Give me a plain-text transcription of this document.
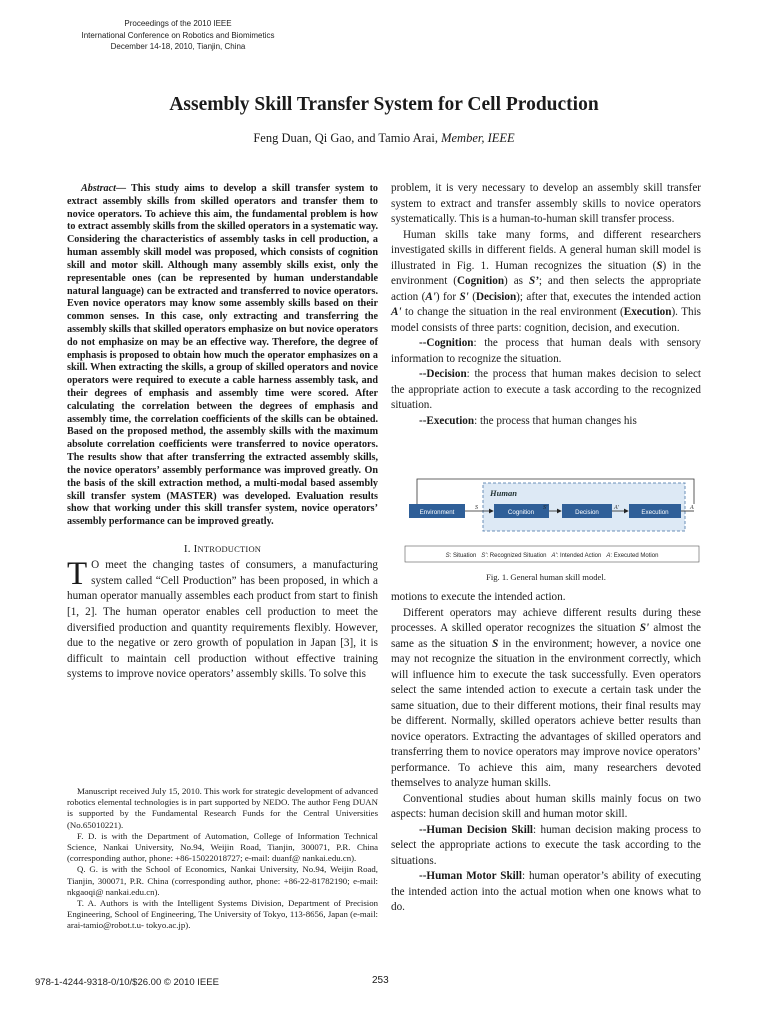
Proceedings of the 2010 IEEE
International Conference on Robotics and Biomimetics
December 14-18, 2010, Tianjin, China
Assembly Skill Transfer System for Cell Production
Feng Duan, Qi Gao, and Tamio Arai, Member, IEEE

Abstract— This study aims to develop a skill transfer system to extract assembly skills from skilled operators and transfer them to novice operators. To achieve this aim, the fundamental problem is how to extract assembly skills from the skilled operators in a systematic way. Considering the characteristics of assembly tasks in cell production, a human assembly skill model was proposed, which consists of cognition skill and motor skill. Although many assembly skills exist, only the representable ones (can be represented by human understandable natural language) can be extracted and transferred to novice operators. Even novice operators may know some assembly skills based on their common senses. In this case, only extracting and transferring the assembly skills that skilled operators emphasize on but novice operators do not emphasize on may be an effective way. Therefore, the degree of emphasis is proposed to obtain how much the operator emphasizes on a skill. When extracting the skills, a group of skilled operators and novice operators were required to execute a cable harness assembly task, and their degrees of emphasis and assembly time were scored. After calculating the correlation between the degrees of emphasis and assembly time, the correlation coefficients of the skills can be obtained. Based on the proposed method, the assembly skills with the maximum absolute correlation coefficients were transferred to novice operators. The results show that after transferring the extracted assembly skills, the novice operators’ assembly performance was improved greatly. On the basis of the skill extraction method, a multi-modal based assembly skill transfer system (MASTER) was developed. Evaluation results show that working under this skill transfer system, novice operators’ assembly performance can be improved greatly.

I. INTRODUCTION

T O meet the changing tastes of consumers, a manufacturing system called “Cell Production” has been proposed, in which a human operator manually assembles each product from start to finish [1, 2]. The human operator enables cell production to meet the diversified production and quantity requirements flexibly. However, due to the negative or zero growth of population in Japan [3], it is difficult to maintain cell production without effective training systems to improve novice operators’ assembly skills. To solve this

Manuscript received July 15, 2010. This work for strategic development of advanced robotics elemental technologies is in part supported by NEDO. The author Feng DUAN is supported by the Fundamental Research Funds for the Central Universities (No.65010221).

F. D. is with the Department of Automation, College of Information Technical Science, Nankai University, No.94, Weijin Road, Tianjin, 300071, P.R. China (corresponding author, phone: +86-15022018727; e-mail: duanf@ nankai.edu.cn).

Q. G. is with the School of Economics, Nankai University, No.94, Weijin Road, Tianjin, 300071, P.R. China (corresponding author, phone: +86-22-81782190; e-mail: nkgaoqi@ nankai.edu.cn).

T. A. Authors is with the Intelligent Systems Division, Department of Precision Engineering, School of Engineering, The University of Tokyo, 113-8656, Japan (e-mail: arai-tamio@robot.t.u- tokyo.ac.jp).

problem, it is very necessary to develop an assembly skill transfer system to extract and transfer assembly skills to novice operators systematically. This is a human-to-human skill transfer process.

Human skills take many forms, and different researchers investigated skills in different fields. A general human skill model is illustrated in Fig. 1. Human recognizes the situation (S) in the environment (Cognition) as S’; and then selects the appropriate action (A') for S' (Decision); after that, executes the intended action A' to change the situation in the real environment (Execution). This model consists of three parts: cognition, decision, and execution.

--Cognition: the process that human deals with sensory information to recognize the situation.

--Decision: the process that human makes decision to select the appropriate action to execute a task according to the recognized situation.

--Execution: the process that human changes his

Human
Environment	Cognition	Decision	Execution
S	S'	A'	A
S: Situation S': Recognized Situation A': Intended Action A: Executed Motion
Fig. 1. General human skill model.

motions to execute the intended action.

Different operators may achieve different results during these processes. A skilled operator recognizes the situation S' almost the same as the situation S in the environment; however, a novice one may not recognize the situation in the environment correctly, which will influence him to execute the task successfully. Even operators select the same intended action to execute a certain task under the same situation, due to their different motions, their final results may be different. Normally, skilled operators achieve better results than novice operators. Extracting the advantages of skilled operators and transferring them to novice operators may improve novice operators’ performance. To achieve this aim, many researchers devoted themselves to analyze human skills.

Conventional studies about human skills mainly focus on two aspects: human decision skill and human motor skill.

--Human Decision Skill: human decision making process to select the appropriate actions to execute the task according to the situations.

--Human Motor Skill: human operator’s ability of executing the intended action into the actual motion when one knows what to do.

978-1-4244-9318-0/10/$26.00 © 2010 IEEE	253
